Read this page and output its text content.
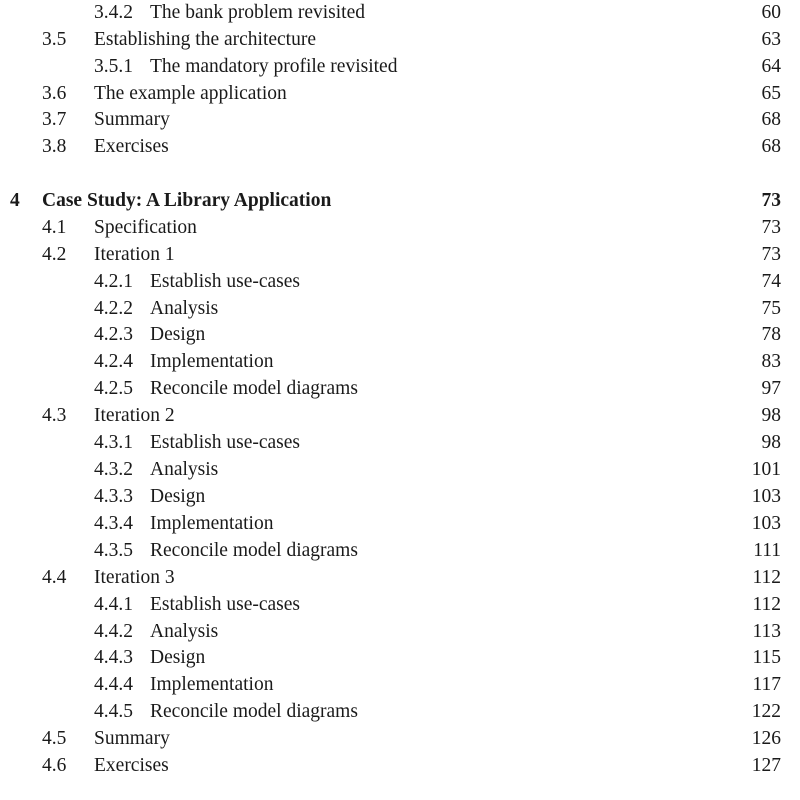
3.4.2 The bank problem revisited	60
3.5 Establishing the architecture	63
3.5.1 The mandatory profile revisited	64
3.6 The example application	65
3.7 Summary	68
3.8 Exercises	68
4 Case Study: A Library Application	73
4.1 Specification	73
4.2 Iteration 1	73
4.2.1 Establish use-cases	74
4.2.2 Analysis	75
4.2.3 Design	78
4.2.4 Implementation	83
4.2.5 Reconcile model diagrams	97
4.3 Iteration 2	98
4.3.1 Establish use-cases	98
4.3.2 Analysis	101
4.3.3 Design	103
4.3.4 Implementation	103
4.3.5 Reconcile model diagrams	111
4.4 Iteration 3	112
4.4.1 Establish use-cases	112
4.4.2 Analysis	113
4.4.3 Design	115
4.4.4 Implementation	117
4.4.5 Reconcile model diagrams	122
4.5 Summary	126
4.6 Exercises	127
